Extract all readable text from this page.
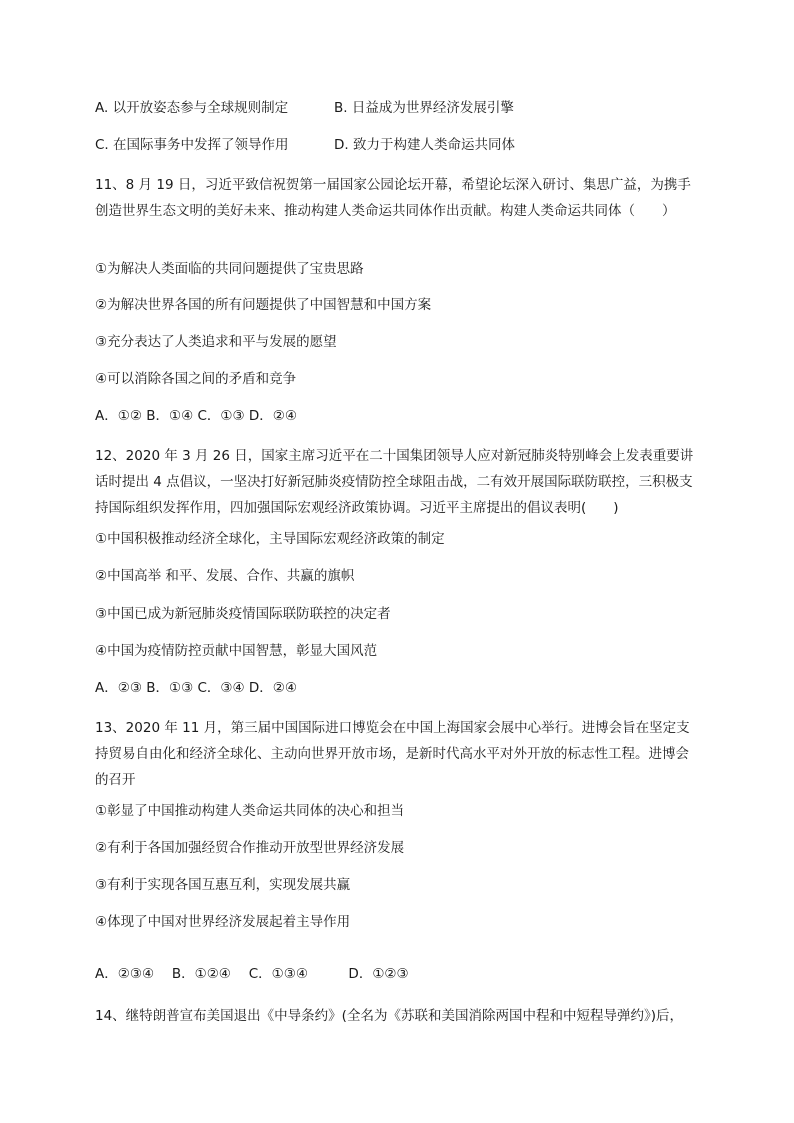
A. 以开放姿态参与全球规则制定	B. 日益成为世界经济发展引擎
C. 在国际事务中发挥了领导作用	D. 致力于构建人类命运共同体
11、8 月 19 日，习近平致信祝贺第一届国家公园论坛开幕，希望论坛深入研讨、集思广益，为携手创造世界生态文明的美好未来、推动构建人类命运共同体作出贡献。构建人类命运共同体（　　）
①为解决人类面临的共同问题提供了宝贵思路
②为解决世界各国的所有问题提供了中国智慧和中国方案
③充分表达了人类追求和平与发展的愿望
④可以消除各国之间的矛盾和竞争
A．①② B．①④ C．①③ D．②④
12、2020 年 3 月 26 日，国家主席习近平在二十国集团领导人应对新冠肺炎特别峰会上发表重要讲话时提出 4 点倡议，一坚决打好新冠肺炎疫情防控全球阻击战，二有效开展国际联防联控，三积极支持国际组织发挥作用，四加强国际宏观经济政策协调。习近平主席提出的倡议表明(　　)
①中国积极推动经济全球化，主导国际宏观经济政策的制定
②中国高举 和平、发展、合作、共赢的旗帜
③中国已成为新冠肺炎疫情国际联防联控的决定者
④中国为疫情防控贡献中国智慧，彰显大国风范
A．②③ B．①③ C．③④ D．②④
13、2020 年 11 月，第三届中国国际进口博览会在中国上海国家会展中心举行。进博会旨在坚定支持贸易自由化和经济全球化、主动向世界开放市场，是新时代高水平对外开放的标志性工程。进博会的召开
①彰显了中国推动构建人类命运共同体的决心和担当
②有利于各国加强经贸合作推动开放型世界经济发展
③有利于实现各国互惠互利，实现发展共赢
④体现了中国对世界经济发展起着主导作用
A．②③④　 B．①②④　 C．①③④　　　D．①②③
14、继特朗普宣布美国退出《中导条约》(全名为《苏联和美国消除两国中程和中短程导弹约》)后，
